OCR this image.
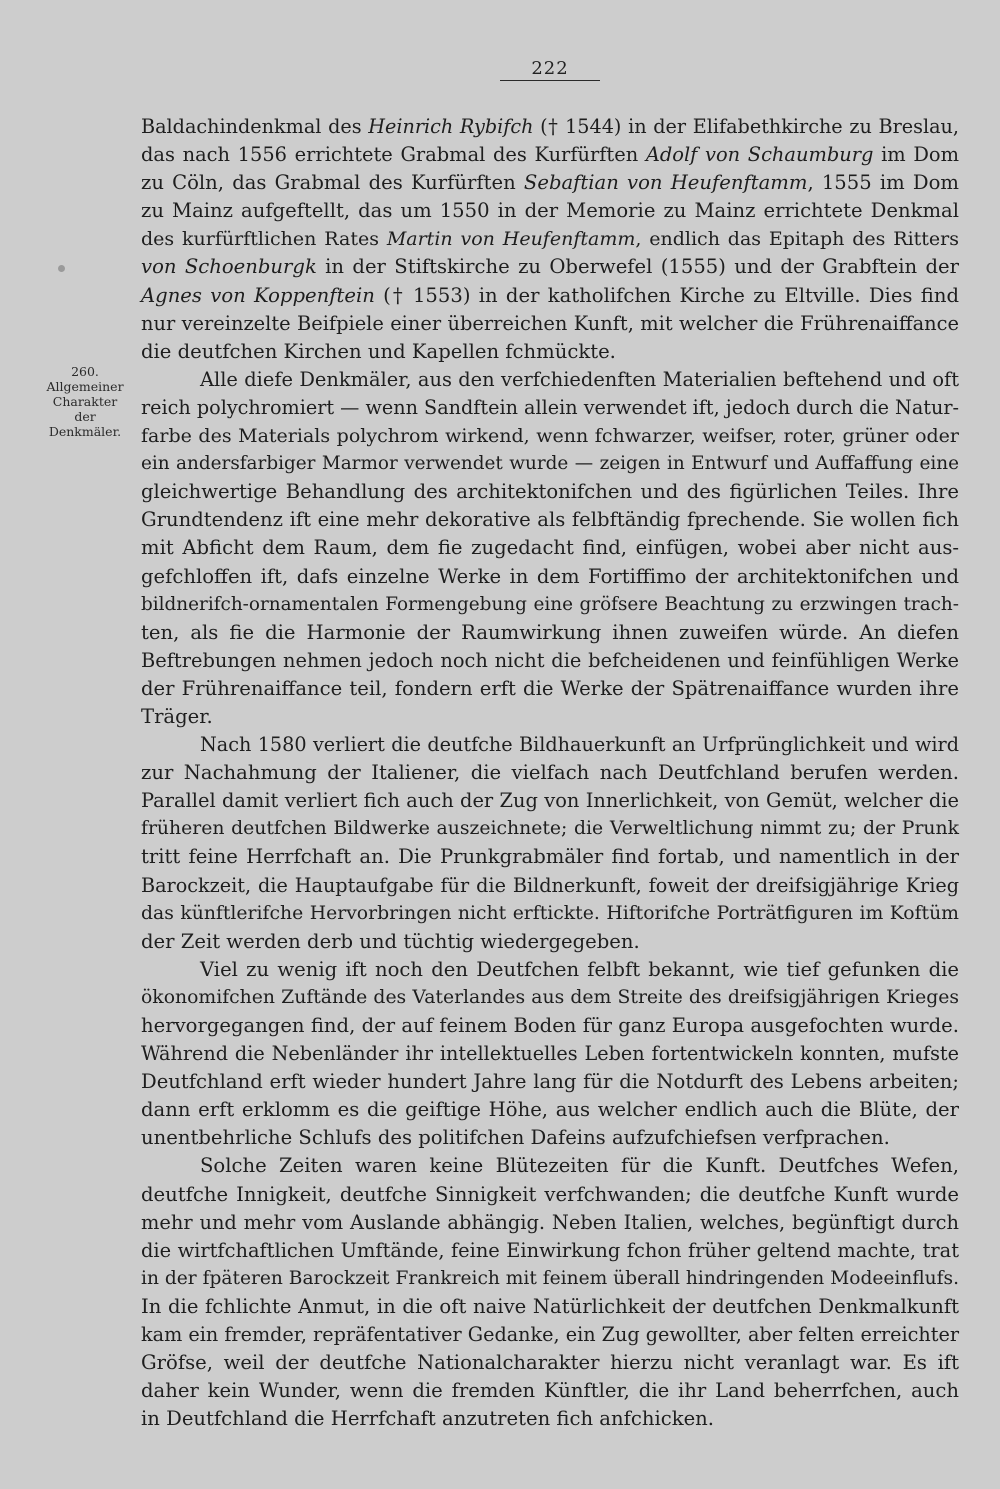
222
260.
Allgemeiner
Charakter
der
Denkmäler.
Baldachindenkmal des Heinrich Rybifch († 1544) in der Elifabethkirche zu Breslau,
das nach 1556 errichtete Grabmal des Kurfürften Adolf von Schaumburg im Dom
zu Cöln, das Grabmal des Kurfürften Sebaftian von Heufenftamm, 1555 im Dom
zu Mainz aufgeftellt, das um 1550 in der Memorie zu Mainz errichtete Denkmal
des kurfürftlichen Rates Martin von Heufenftamm, endlich das Epitaph des Ritters
von Schoenburgk in der Stiftskirche zu Oberwefel (1555) und der Grabftein der
Agnes von Koppenftein († 1553) in der katholifchen Kirche zu Eltville. Dies find
nur vereinzelte Beifpiele einer überreichen Kunft, mit welcher die Frührenaiffance
die deutfchen Kirchen und Kapellen fchmückte.
Alle diefe Denkmäler, aus den verfchiedenften Materialien beftehend und oft
reich polychromiert — wenn Sandftein allein verwendet ift, jedoch durch die Natur-
farbe des Materials polychrom wirkend, wenn fchwarzer, weifser, roter, grüner oder
ein andersfarbiger Marmor verwendet wurde — zeigen in Entwurf und Auffaffung eine
gleichwertige Behandlung des architektonifchen und des figürlichen Teiles. Ihre
Grundtendenz ift eine mehr dekorative als felbftändig fprechende. Sie wollen fich
mit Abficht dem Raum, dem fie zugedacht find, einfügen, wobei aber nicht aus-
gefchloffen ift, dafs einzelne Werke in dem Fortiffimo der architektonifchen und
bildnerifch-ornamentalen Formengebung eine gröfsere Beachtung zu erzwingen trach-
ten, als fie die Harmonie der Raumwirkung ihnen zuweifen würde. An diefen
Beftrebungen nehmen jedoch noch nicht die befcheidenen und feinfühligen Werke
der Frührenaiffance teil, fondern erft die Werke der Spätrenaiffance wurden ihre
Träger.
Nach 1580 verliert die deutfche Bildhauerkunft an Urfprünglichkeit und wird
zur Nachahmung der Italiener, die vielfach nach Deutfchland berufen werden.
Parallel damit verliert fich auch der Zug von Innerlichkeit, von Gemüt, welcher die
früheren deutfchen Bildwerke auszeichnete; die Verweltlichung nimmt zu; der Prunk
tritt feine Herrfchaft an. Die Prunkgrabmäler find fortab, und namentlich in der
Barockzeit, die Hauptaufgabe für die Bildnerkunft, foweit der dreifsigjährige Krieg
das künftlerifche Hervorbringen nicht erftickte. Hiftorifche Porträtfiguren im Koftüm
der Zeit werden derb und tüchtig wiedergegeben.
Viel zu wenig ift noch den Deutfchen felbft bekannt, wie tief gefunken die
ökonomifchen Zuftände des Vaterlandes aus dem Streite des dreifsigjährigen Krieges
hervorgegangen find, der auf feinem Boden für ganz Europa ausgefochten wurde.
Während die Nebenländer ihr intellektuelles Leben fortentwickeln konnten, mufste
Deutfchland erft wieder hundert Jahre lang für die Notdurft des Lebens arbeiten;
dann erft erklomm es die geiftige Höhe, aus welcher endlich auch die Blüte, der
unentbehrliche Schlufs des politifchen Dafeins aufzufchiefsen verfprachen.
Solche Zeiten waren keine Blütezeiten für die Kunft. Deutfches Wefen,
deutfche Innigkeit, deutfche Sinnigkeit verfchwanden; die deutfche Kunft wurde
mehr und mehr vom Auslande abhängig. Neben Italien, welches, begünftigt durch
die wirtfchaftlichen Umftände, feine Einwirkung fchon früher geltend machte, trat
in der fpäteren Barockzeit Frankreich mit feinem überall hindringenden Modeeinflufs.
In die fchlichte Anmut, in die oft naive Natürlichkeit der deutfchen Denkmalkunft
kam ein fremder, repräfentativer Gedanke, ein Zug gewollter, aber felten erreichter
Gröfse, weil der deutfche Nationalcharakter hierzu nicht veranlagt war. Es ift
daher kein Wunder, wenn die fremden Künftler, die ihr Land beherrfchen, auch
in Deutfchland die Herrfchaft anzutreten fich anfchicken.
